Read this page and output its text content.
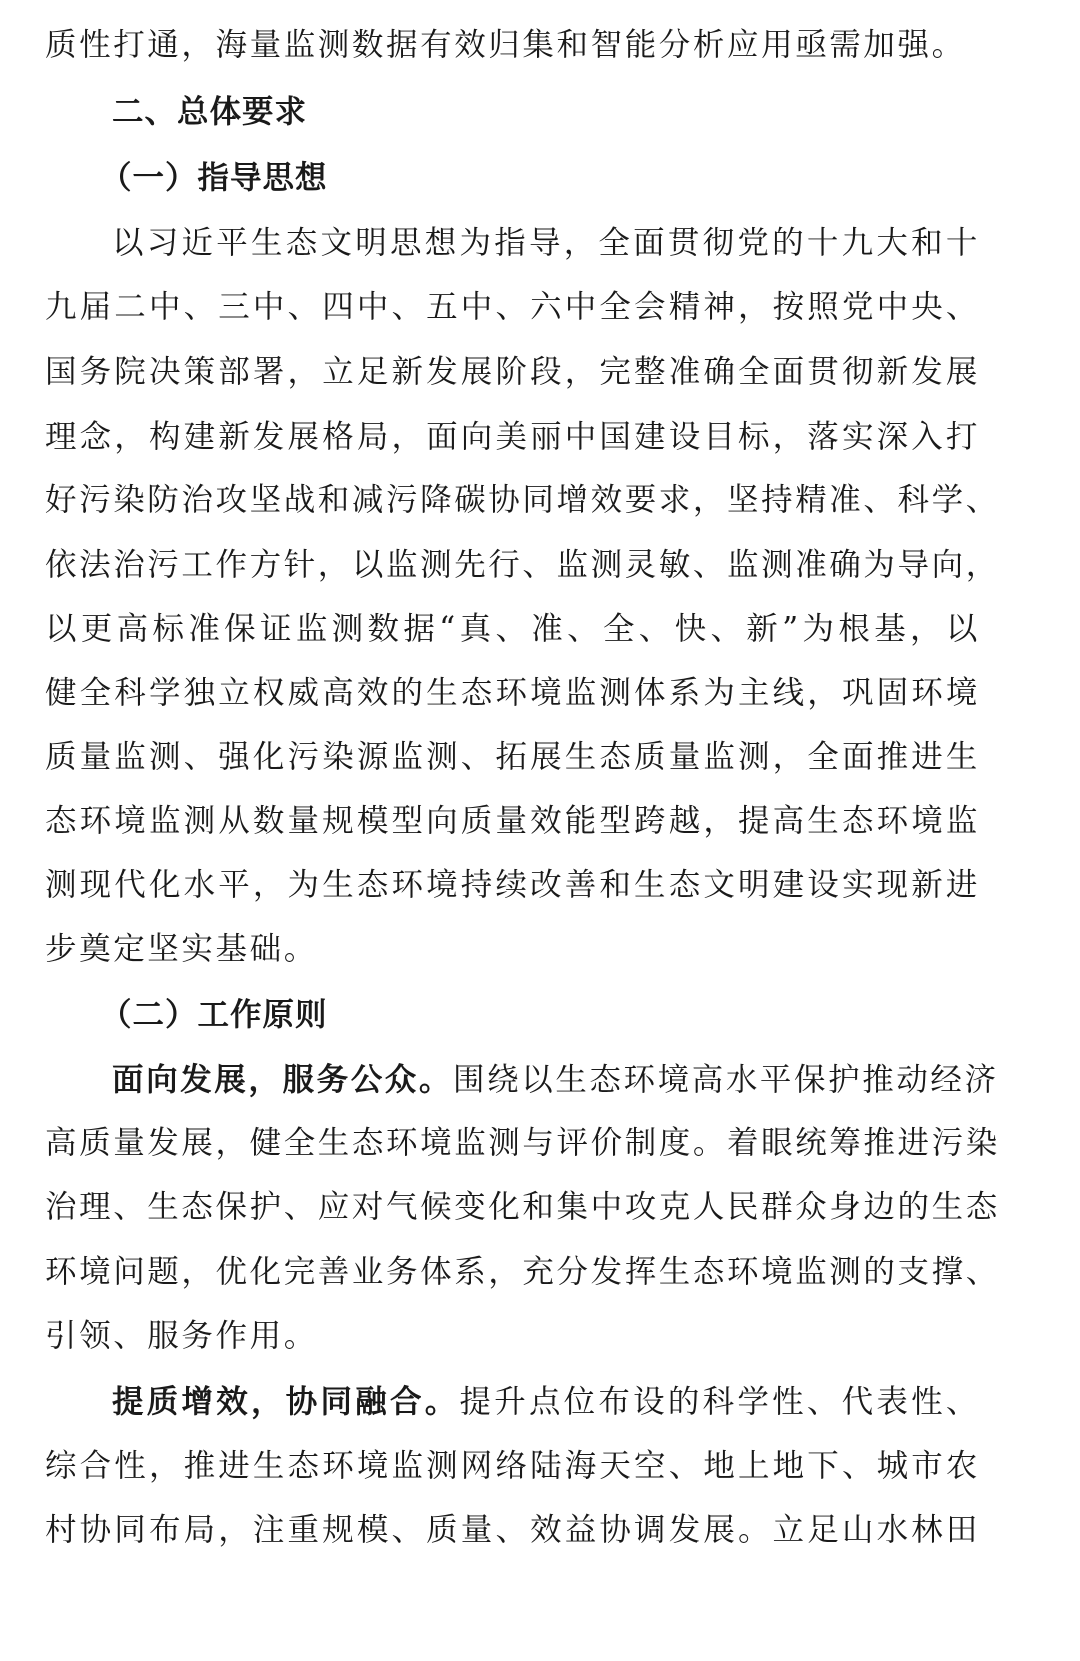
质性打通，海量监测数据有效归集和智能分析应用亟需加强。
二、总体要求
（一）指导思想
以习近平生态文明思想为指导，全面贯彻党的十九大和十
九届二中、三中、四中、五中、六中全会精神，按照党中央、
国务院决策部署，立足新发展阶段，完整准确全面贯彻新发展
理念，构建新发展格局，面向美丽中国建设目标，落实深入打
好污染防治攻坚战和减污降碳协同增效要求，坚持精准、科学、
依法治污工作方针，以监测先行、监测灵敏、监测准确为导向，
以更高标准保证监测数据“真、准、全、快、新”为根基，以
健全科学独立权威高效的生态环境监测体系为主线，巩固环境
质量监测、强化污染源监测、拓展生态质量监测，全面推进生
态环境监测从数量规模型向质量效能型跨越，提高生态环境监
测现代化水平，为生态环境持续改善和生态文明建设实现新进
步奠定坚实基础。
（二）工作原则
面向发展，服务公众。围绕以生态环境高水平保护推动经济
高质量发展，健全生态环境监测与评价制度。着眼统筹推进污染
治理、生态保护、应对气候变化和集中攻克人民群众身边的生态
环境问题，优化完善业务体系，充分发挥生态环境监测的支撑、
引领、服务作用。
提质增效，协同融合。提升点位布设的科学性、代表性、
综合性，推进生态环境监测网络陆海天空、地上地下、城市农
村协同布局，注重规模、质量、效益协调发展。立足山水林田
